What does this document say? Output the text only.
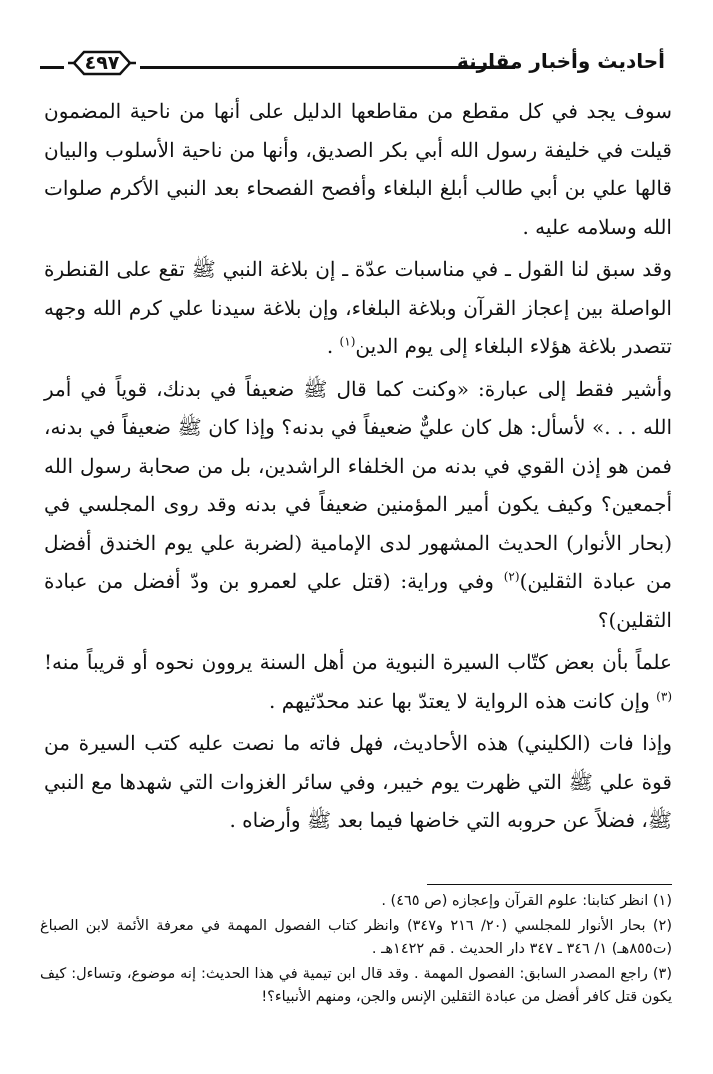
٤٩٧	أحاديث وأخبار مقارنة

سوف يجد في كل مقطع من مقاطعها الدليل على أنها من ناحية المضمون قيلت في خليفة رسول الله أبي بكر الصديق، وأنها من ناحية الأسلوب والبيان قالها علي بن أبي طالب أبلغ البلغاء وأفصح الفصحاء بعد النبي الأكرم صلوات الله وسلامه عليه .

وقد سبق لنا القول ـ في مناسبات عدّة ـ إن بلاغة النبي ﷺ تقع على القنطرة الواصلة بين إعجاز القرآن وبلاغة البلغاء، وإن بلاغة سيدنا علي كرم الله وجهه تتصدر بلاغة هؤلاء البلغاء إلى يوم الدين$^{(١)}$ .

وأشير فقط إلى عبارة: «وكنت كما قال ﷺ ضعيفاً في بدنك، قوياً في أمر الله . . .» لأسأل: هل كان عليٌّ ضعيفاً في بدنه؟ وإذا كان ﷺ ضعيفاً في بدنه، فمن هو إذن القوي في بدنه من الخلفاء الراشدين، بل من صحابة رسول الله أجمعين؟ وكيف يكون أمير المؤمنين ضعيفاً في بدنه وقد روى المجلسي في (بحار الأنوار) الحديث المشهور لدى الإمامية (لضربة علي يوم الخندق أفضل من عبادة الثقلين)$^{(٢)}$ وفي وراية: (قتل علي لعمرو بن ودّ أفضل من عبادة الثقلين)؟

علماً بأن بعض كتّاب السيرة النبوية من أهل السنة يروون نحوه أو قريباً منه!$^{(٣)}$ وإن كانت هذه الرواية لا يعتدّ بها عند محدّثيهم .

وإذا فات (الكليني) هذه الأحاديث، فهل فاته ما نصت عليه كتب السيرة من قوة علي ﷺ التي ظهرت يوم خيبر، وفي سائر الغزوات التي شهدها مع النبي ﷺ، فضلاً عن حروبه التي خاضها فيما بعد ﷺ وأرضاه .

(١) انظر كتابنا: علوم القرآن وإعجازه (ص ٤٦٥) .

(٢) بحار الأنوار للمجلسي (٢٠/ ٢١٦ و٣٤٧) وانظر كتاب الفصول المهمة في معرفة الأئمة لابن الصباغ (ت٨٥٥هـ) ١/ ٣٤٦ ـ ٣٤٧ دار الحديث . قم ١٤٢٢هـ .

(٣) راجع المصدر السابق: الفصول المهمة . وقد قال ابن تيمية في هذا الحديث: إنه موضوع، وتساءل: كيف يكون قتل كافر أفضل من عبادة الثقلين الإنس والجن، ومنهم الأنبياء؟!
